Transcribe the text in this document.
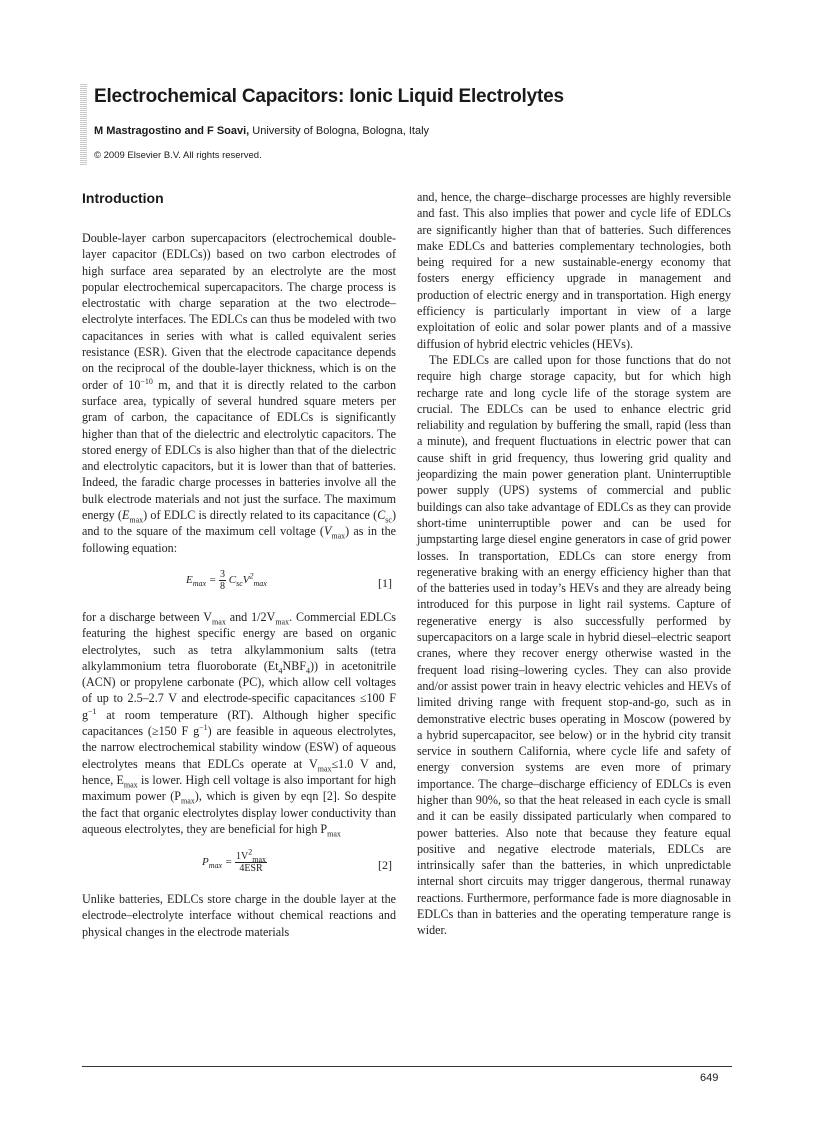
Electrochemical Capacitors: Ionic Liquid Electrolytes
M Mastragostino and F Soavi, University of Bologna, Bologna, Italy
© 2009 Elsevier B.V. All rights reserved.
Introduction

Double-layer carbon supercapacitors (electrochemical double-layer capacitor (EDLCs)) based on two carbon electrodes of high surface area separated by an electrolyte are the most popular electrochemical supercapacitors. The charge process is electrostatic with charge separation at the two electrode–electrolyte interfaces. The EDLCs can thus be modeled with two capacitances in series with what is called equivalent series resistance (ESR). Given that the electrode capacitance depends on the reciprocal of the double-layer thickness, which is on the order of $10^{-10}$ m, and that it is directly related to the carbon surface area, typically of several hundred square meters per gram of carbon, the capacitance of EDLCs is significantly higher than that of the dielectric and electrolytic capacitors. The stored energy of EDLCs is also higher than that of the dielectric and electrolytic capacitors, but it is lower than that of batteries. Indeed, the faradic charge processes in batteries involve all the bulk electrode materials and not just the surface. The maximum energy $(E_{max})$ of EDLC is directly related to its capacitance $(C_{sc})$ and to the square of the maximum cell voltage $(V_{max})$ as in the following equation:

$E_{max} = \frac{3}{8} C_{sc}V^2_{max}$	[1]

for a discharge between $V_{max}$ and $1/2V_{max}$. Commercial EDLCs featuring the highest specific energy are based on organic electrolytes, such as tetra alkylammonium salts (tetra alkylammonium tetra fluoroborate $(Et_4NBF_4)$) in acetonitrile (ACN) or propylene carbonate (PC), which allow cell voltages of up to 2.5–2.7 V and electrode-specific capacitances ≤100 F $g^{-1}$ at room temperature (RT). Although higher specific capacitances (≥150 F $g^{-1}$) are feasible in aqueous electrolytes, the narrow electrochemical stability window (ESW) of aqueous electrolytes means that EDLCs operate at $V_{max}\le 1.0$ V and, hence, $E_{max}$ is lower. High cell voltage is also important for high maximum power $(P_{max})$, which is given by eqn [2]. So despite the fact that organic electrolytes display lower conductivity than aqueous electrolytes, they are beneficial for high $P_{max}$

$P_{max} = \frac{1V^2_{max}}{\text{4ESR}}$	[2]

Unlike batteries, EDLCs store charge in the double layer at the electrode–electrolyte interface without chemical reactions and physical changes in the electrode materials

and, hence, the charge–discharge processes are highly reversible and fast. This also implies that power and cycle life of EDLCs are significantly higher than that of batteries. Such differences make EDLCs and batteries complementary technologies, both being required for a new sustainable-energy economy that fosters energy efficiency upgrade in management and production of electric energy and in transportation. High energy efficiency is particularly important in view of a large exploitation of eolic and solar power plants and of a massive diffusion of hybrid electric vehicles (HEVs).

The EDLCs are called upon for those functions that do not require high charge storage capacity, but for which high recharge rate and long cycle life of the storage system are crucial. The EDLCs can be used to enhance electric grid reliability and regulation by buffering the small, rapid (less than a minute), and frequent fluctuations in electric power that can cause shift in grid frequency, thus lowering grid quality and jeopardizing the main power generation plant. Uninterruptible power supply (UPS) systems of commercial and public buildings can also take advantage of EDLCs as they can provide short-time uninterruptible power and can be used for jumpstarting large diesel engine generators in case of grid power losses. In transportation, EDLCs can store energy from regenerative braking with an energy efficiency higher than that of the batteries used in today’s HEVs and they are already being introduced for this purpose in light rail systems. Capture of regenerative energy is also successfully performed by supercapacitors on a large scale in hybrid diesel–electric seaport cranes, where they recover energy otherwise wasted in the frequent load rising–lowering cycles. They can also provide and/or assist power train in heavy electric vehicles and HEVs of limited driving range with frequent stop-and-go, such as in demonstrative electric buses operating in Moscow (powered by a hybrid supercapacitor, see below) or in the hybrid city transit service in southern California, where cycle life and safety of energy conversion systems are even more of primary importance. The charge–discharge efficiency of EDLCs is even higher than 90%, so that the heat released in each cycle is small and it can be easily dissipated particularly when compared to power batteries. Also note that because they feature equal positive and negative electrode materials, EDLCs are intrinsically safer than the batteries, in which unpredictable internal short circuits may trigger dangerous, thermal runaway reactions. Furthermore, performance fade is more diagnosable in EDLCs than in batteries and the operating temperature range is wider.

649
